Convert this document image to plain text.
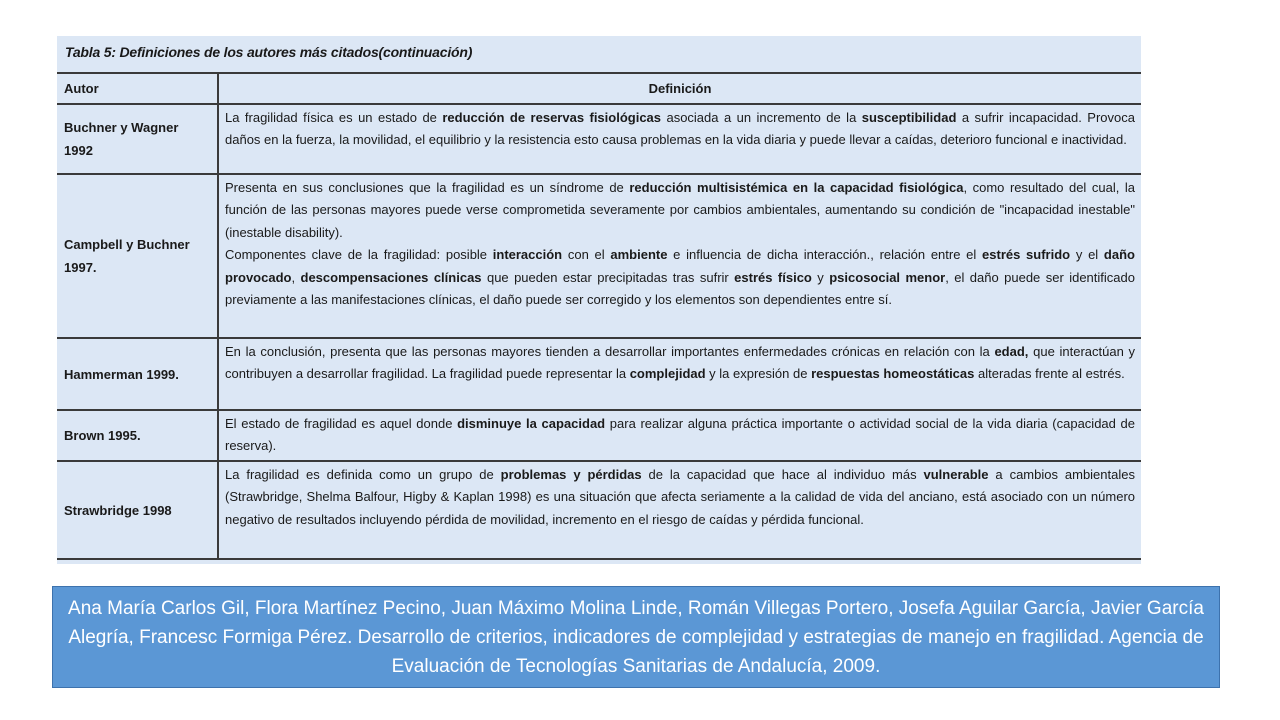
Tabla 5: Definiciones de los autores más citados(continuación)
Autor	Definición
Buchner y Wagner 1992
La fragilidad física es un estado de reducción de reservas fisiológicas asociada a un incremento de la susceptibilidad a sufrir incapacidad. Provoca daños en la fuerza, la movilidad, el equilibrio y la resistencia esto causa problemas en la vida diaria y puede llevar a caídas, deterioro funcional e inactividad.
Campbell y Buchner 1997.
Presenta en sus conclusiones que la fragilidad es un síndrome de reducción multisistémica en la capacidad fisiológica, como resultado del cual, la función de las personas mayores puede verse comprometida severamente por cambios ambientales, aumentando su condición de "incapacidad inestable"(inestable disability).
Componentes clave de la fragilidad: posible interacción con el ambiente e influencia de dicha interacción., relación entre el estrés sufrido y el daño provocado, descompensaciones clínicas que pueden estar precipitadas tras sufrir estrés físico y psicosocial menor, el daño puede ser identificado previamente a las manifestaciones clínicas, el daño puede ser corregido y los elementos son dependientes entre sí.
Hammerman 1999.
En la conclusión, presenta que las personas mayores tienden a desarrollar importantes enfermedades crónicas en relación con la edad, que interactúan y contribuyen a desarrollar fragilidad. La fragilidad puede representar la complejidad y la expresión de respuestas homeostáticas alteradas frente al estrés.
Brown 1995.
El estado de fragilidad es aquel donde disminuye la capacidad para realizar alguna práctica importante o actividad social de la vida diaria (capacidad de reserva).
Strawbridge 1998
La fragilidad es definida como un grupo de problemas y pérdidas de la capacidad que hace al individuo más vulnerable a cambios ambientales (Strawbridge, Shelma Balfour, Higby & Kaplan 1998) es una situación que afecta seriamente a la calidad de vida del anciano, está asociado con un número negativo de resultados incluyendo pérdida de movilidad, incremento en el riesgo de caídas y pérdida funcional.
Ana María Carlos Gil, Flora Martínez Pecino, Juan Máximo Molina Linde, Román Villegas Portero, Josefa Aguilar García, Javier García Alegría, Francesc Formiga Pérez. Desarrollo de criterios, indicadores de complejidad y estrategias de manejo en fragilidad. Agencia de Evaluación de Tecnologías Sanitarias de Andalucía, 2009.
